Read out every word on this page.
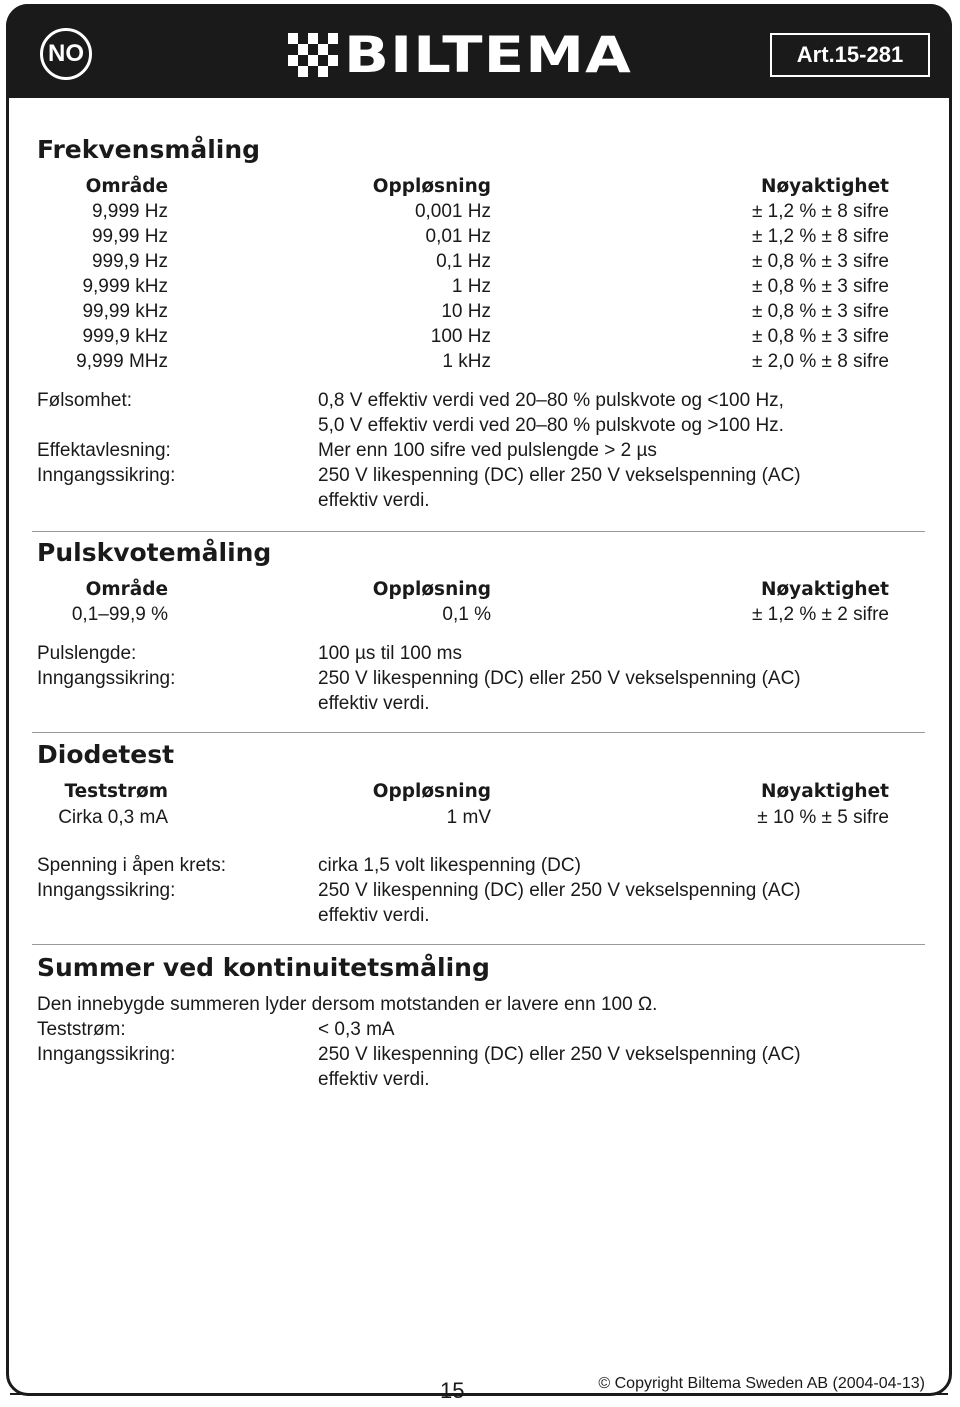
NO	BILTEMA	Art.15-281
Frekvensmåling
Område	Oppløsning	Nøyaktighet
9,999 Hz	0,001 Hz	± 1,2 % ± 8 sifre
99,99 Hz	0,01 Hz	± 1,2 % ± 8 sifre
999,9 Hz	0,1 Hz	± 0,8 % ± 3 sifre
9,999 kHz	1 Hz	± 0,8 % ± 3 sifre
99,99 kHz	10 Hz	± 0,8 % ± 3 sifre
999,9 kHz	100 Hz	± 0,8 % ± 3 sifre
9,999 MHz	1 kHz	± 2,0 % ± 8 sifre
Følsomhet:	0,8 V effektiv verdi ved 20–80 % pulskvote og <100 Hz,
5,0 V effektiv verdi ved 20–80 % pulskvote og >100 Hz.
Effektavlesning:	Mer enn 100 sifre ved pulslengde > 2 µs
Inngangssikring:	250 V likespenning (DC) eller 250 V vekselspenning (AC)
effektiv verdi.
Pulskvotemåling
Område	Oppløsning	Nøyaktighet
0,1–99,9 %	0,1 %	± 1,2 % ± 2 sifre
Pulslengde:	100 µs til 100 ms
Inngangssikring:	250 V likespenning (DC) eller 250 V vekselspenning (AC)
effektiv verdi.
Diodetest
Teststrøm	Oppløsning	Nøyaktighet
Cirka 0,3 mA	1 mV	± 10 % ± 5 sifre
Spenning i åpen krets:	cirka 1,5 volt likespenning (DC)
Inngangssikring:	250 V likespenning (DC) eller 250 V vekselspenning (AC)
effektiv verdi.
Summer ved kontinuitetsmåling
Den innebygde summeren lyder dersom motstanden er lavere enn 100 Ω.
Teststrøm:	< 0,3 mA
Inngangssikring:	250 V likespenning (DC) eller 250 V vekselspenning (AC)
effektiv verdi.
15	© Copyright Biltema Sweden AB (2004-04-13)
